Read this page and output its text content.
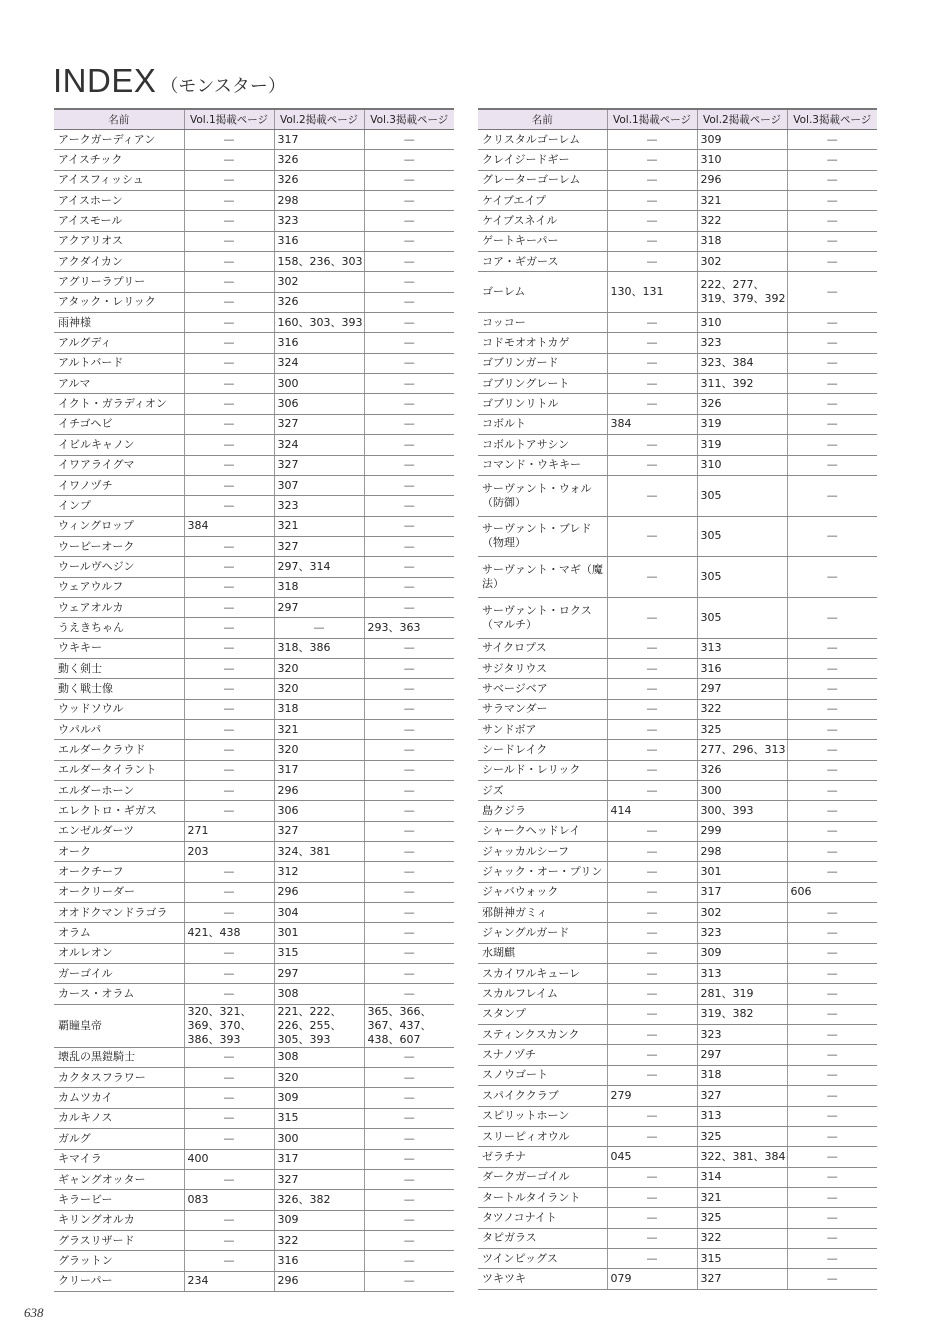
INDEX （モンスター）
名前	Vol.1掲載ページ	Vol.2掲載ページ	Vol.3掲載ページ
アークガーディアン	—	317	—
アイスチック	—	326	—
アイスフィッシュ	—	326	—
アイスホーン	—	298	—
アイスモール	—	323	—
アクアリオス	—	316	—
アクダイカン	—	158、236、303	—
アグリーラプリー	—	302	—
アタック・レリック	—	326	—
雨神様	—	160、303、393	—
アルグディ	—	316	—
アルトバード	—	324	—
アルマ	—	300	—
イクト・ガラディオン	—	306	—
イチゴヘビ	—	327	—
イビルキャノン	—	324	—
イワアライグマ	—	327	—
イワノヅチ	—	307	—
インプ	—	323	—
ウィングロップ	384	321	—
ウーピーオーク	—	327	—
ウールヴヘジン	—	297、314	—
ウェアウルフ	—	318	—
ウェアオルカ	—	297	—
うえきちゃん	—	—	293、363
ウキキー	—	318、386	—
動く剣士	—	320	—
動く戦士像	—	320	—
ウッドソウル	—	318	—
ウパルパ	—	321	—
エルダークラウド	—	320	—
エルダータイラント	—	317	—
エルダーホーン	—	296	—
エレクトロ・ギガス	—	306	—
エンゼルダーツ	271	327	—
オーク	203	324、381	—
オークチーフ	—	312	—
オークリーダー	—	296	—
オオドクマンドラゴラ	—	304	—
オラム	421、438	301	—
オルレオン	—	315	—
ガーゴイル	—	297	—
カース・オラム	—	308	—
覇瞳皇帝	320、321、369、370、386、393	221、222、226、255、305、393	365、366、367、437、438、607
壊乱の黒鎧騎士	—	308	—
カクタスフラワー	—	320	—
カムツカイ	—	309	—
カルキノス	—	315	—
ガルグ	—	300	—
キマイラ	400	317	—
ギャングオッター	—	327	—
キラービー	083	326、382	—
キリングオルカ	—	309	—
グラスリザード	—	322	—
グラットン	—	316	—
クリーパー	234	296	—
名前	Vol.1掲載ページ	Vol.2掲載ページ	Vol.3掲載ページ
クリスタルゴーレム	—	309	—
クレイジードギー	—	310	—
グレーターゴーレム	—	296	—
ケイブエイプ	—	321	—
ケイブスネイル	—	322	—
ゲートキーパー	—	318	—
コア・ギガース	—	302	—
ゴーレム	130、131	222、277、319、379、392	—
コッコー	—	310	—
コドモオオトカゲ	—	323	—
ゴブリンガード	—	323、384	—
ゴブリングレート	—	311、392	—
ゴブリンリトル	—	326	—
コボルト	384	319	—
コボルトアサシン	—	319	—
コマンド・ウキキー	—	310	—
サーヴァント・ウォル（防御）	—	305	—
サーヴァント・ブレド（物理）	—	305	—
サーヴァント・マギ（魔法）	—	305	—
サーヴァント・ロクス（マルチ）	—	305	—
サイクロプス	—	313	—
サジタリウス	—	316	—
サベージベア	—	297	—
サラマンダー	—	322	—
サンドボア	—	325	—
シードレイク	—	277、296、313	—
シールド・レリック	—	326	—
ジズ	—	300	—
島クジラ	414	300、393	—
シャークヘッドレイ	—	299	—
ジャッカルシーフ	—	298	—
ジャック・オー・プリン	—	301	—
ジャバウォック	—	317	606
邪餅神ガミィ	—	302	—
ジャングルガード	—	323	—
水瑚麒	—	309	—
スカイワルキューレ	—	313	—
スカルフレイム	—	281、319	—
スタンプ	—	319、382	—
スティンクスカンク	—	323	—
スナノヅチ	—	297	—
スノウゴート	—	318	—
スパイククラブ	279	327	—
スピリットホーン	—	313	—
スリーピィオウル	—	325	—
ゼラチナ	045	322、381、384	—
ダークガーゴイル	—	314	—
タートルタイラント	—	321	—
タツノコナイト	—	325	—
タピガラス	—	322	—
ツインピッグス	—	315	—
ツキツキ	079	327	—
638
